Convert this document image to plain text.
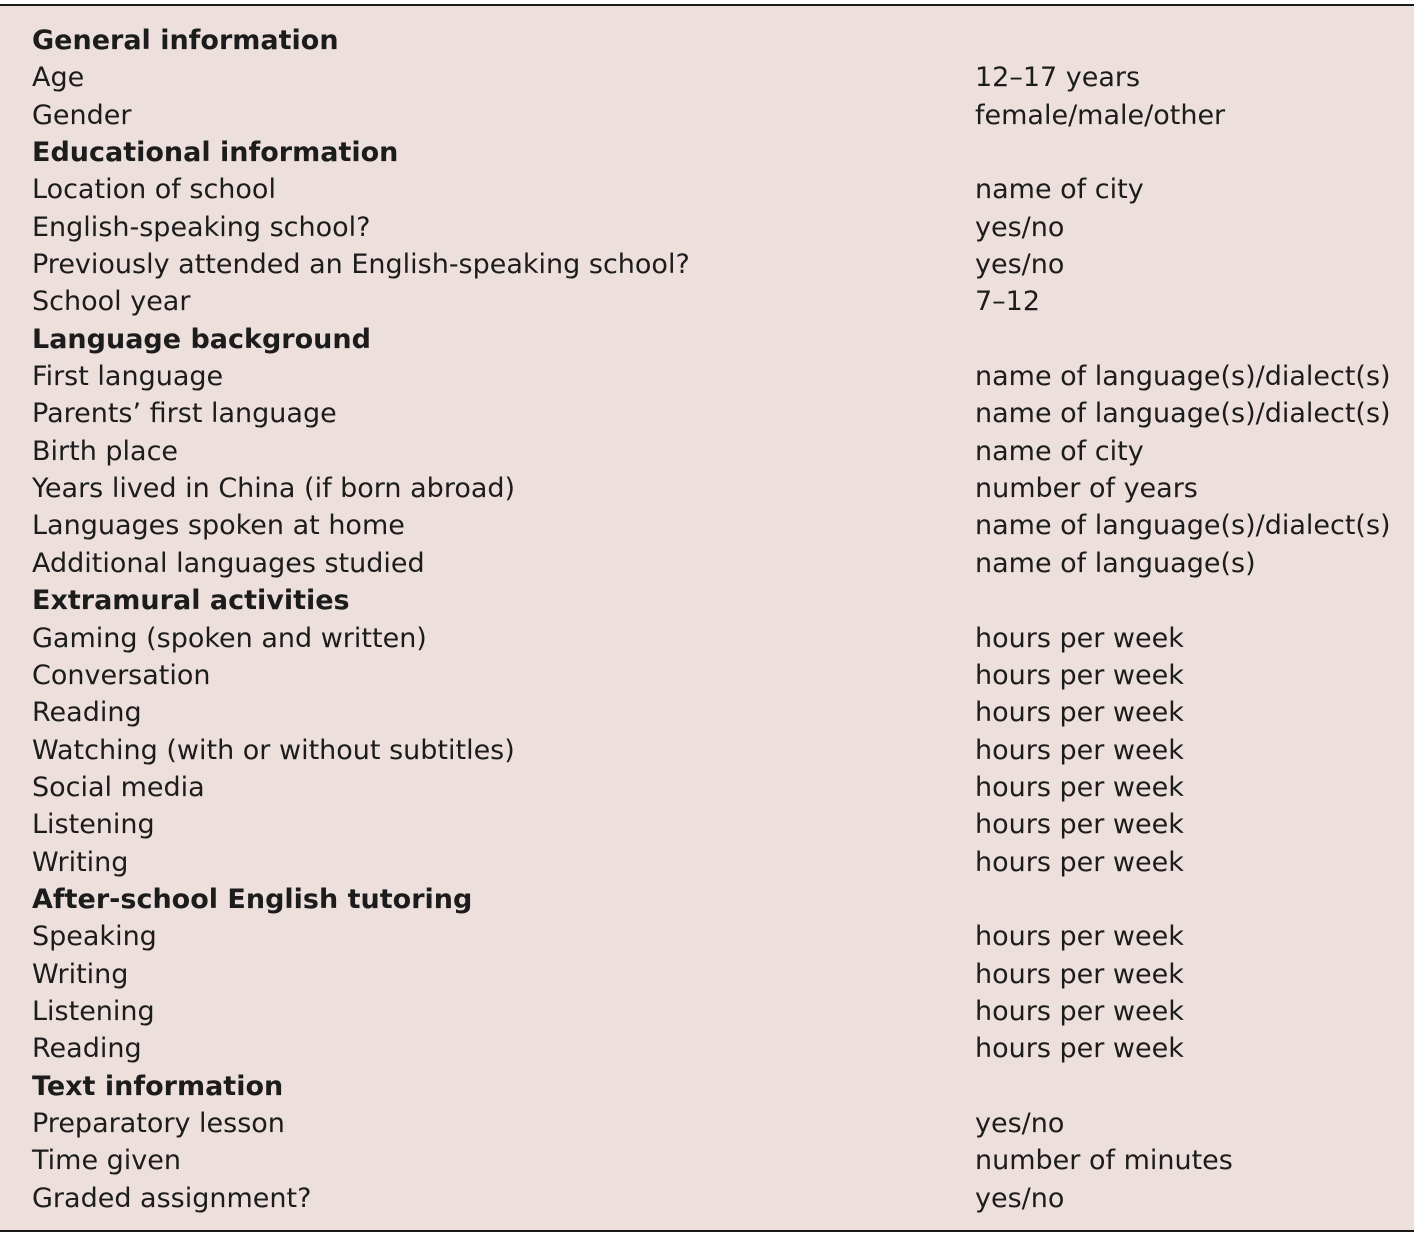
General information
Age	12–17 years
Gender	female/male/other
Educational information
Location of school	name of city
English-speaking school?	yes/no
Previously attended an English-speaking school?	yes/no
School year	7–12
Language background
First language	name of language(s)/dialect(s)
Parents’ first language	name of language(s)/dialect(s)
Birth place	name of city
Years lived in China (if born abroad)	number of years
Languages spoken at home	name of language(s)/dialect(s)
Additional languages studied	name of language(s)
Extramural activities
Gaming (spoken and written)	hours per week
Conversation	hours per week
Reading	hours per week
Watching (with or without subtitles)	hours per week
Social media	hours per week
Listening	hours per week
Writing	hours per week
After-school English tutoring
Speaking	hours per week
Writing	hours per week
Listening	hours per week
Reading	hours per week
Text information
Preparatory lesson	yes/no
Time given	number of minutes
Graded assignment?	yes/no
